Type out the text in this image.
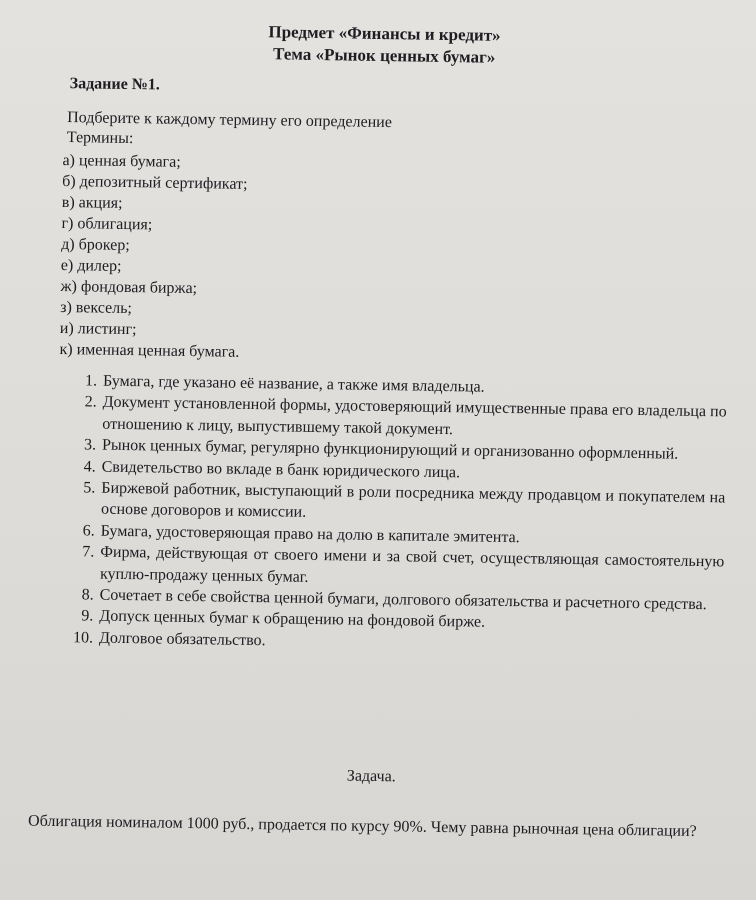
Предмет «Финансы и кредит»
Тема «Рынок ценных бумаг»
Задание №1.
Подберите к каждому термину его определение
Термины:
а) ценная бумага;
б) депозитный сертификат;
в) акция;
г) облигация;
д) брокер;
е) дилер;
ж) фондовая биржа;
з) вексель;
и) листинг;
к) именная ценная бумага.
1. Бумага, где указано её название, а также имя владельца.
2. Документ установленной формы, удостоверяющий имущественные права его владельца по отношению к лицу, выпустившему такой документ.
3. Рынок ценных бумаг, регулярно функционирующий и организованно оформленный.
4. Свидетельство во вкладе в банк юридического лица.
5. Биржевой работник, выступающий в роли посредника между продавцом и покупателем на основе договоров и комиссии.
6. Бумага, удостоверяющая право на долю в капитале эмитента.
7. Фирма, действующая от своего имени и за свой счет, осуществляющая самостоятельную куплю-продажу ценных бумаг.
8. Сочетает в себе свойства ценной бумаги, долгового обязательства и расчетного средства.
9. Допуск ценных бумаг к обращению на фондовой бирже.
10. Долговое обязательство.
Задача.
Облигация номиналом 1000 руб., продается по курсу 90%. Чему равна рыночная цена облигации?
